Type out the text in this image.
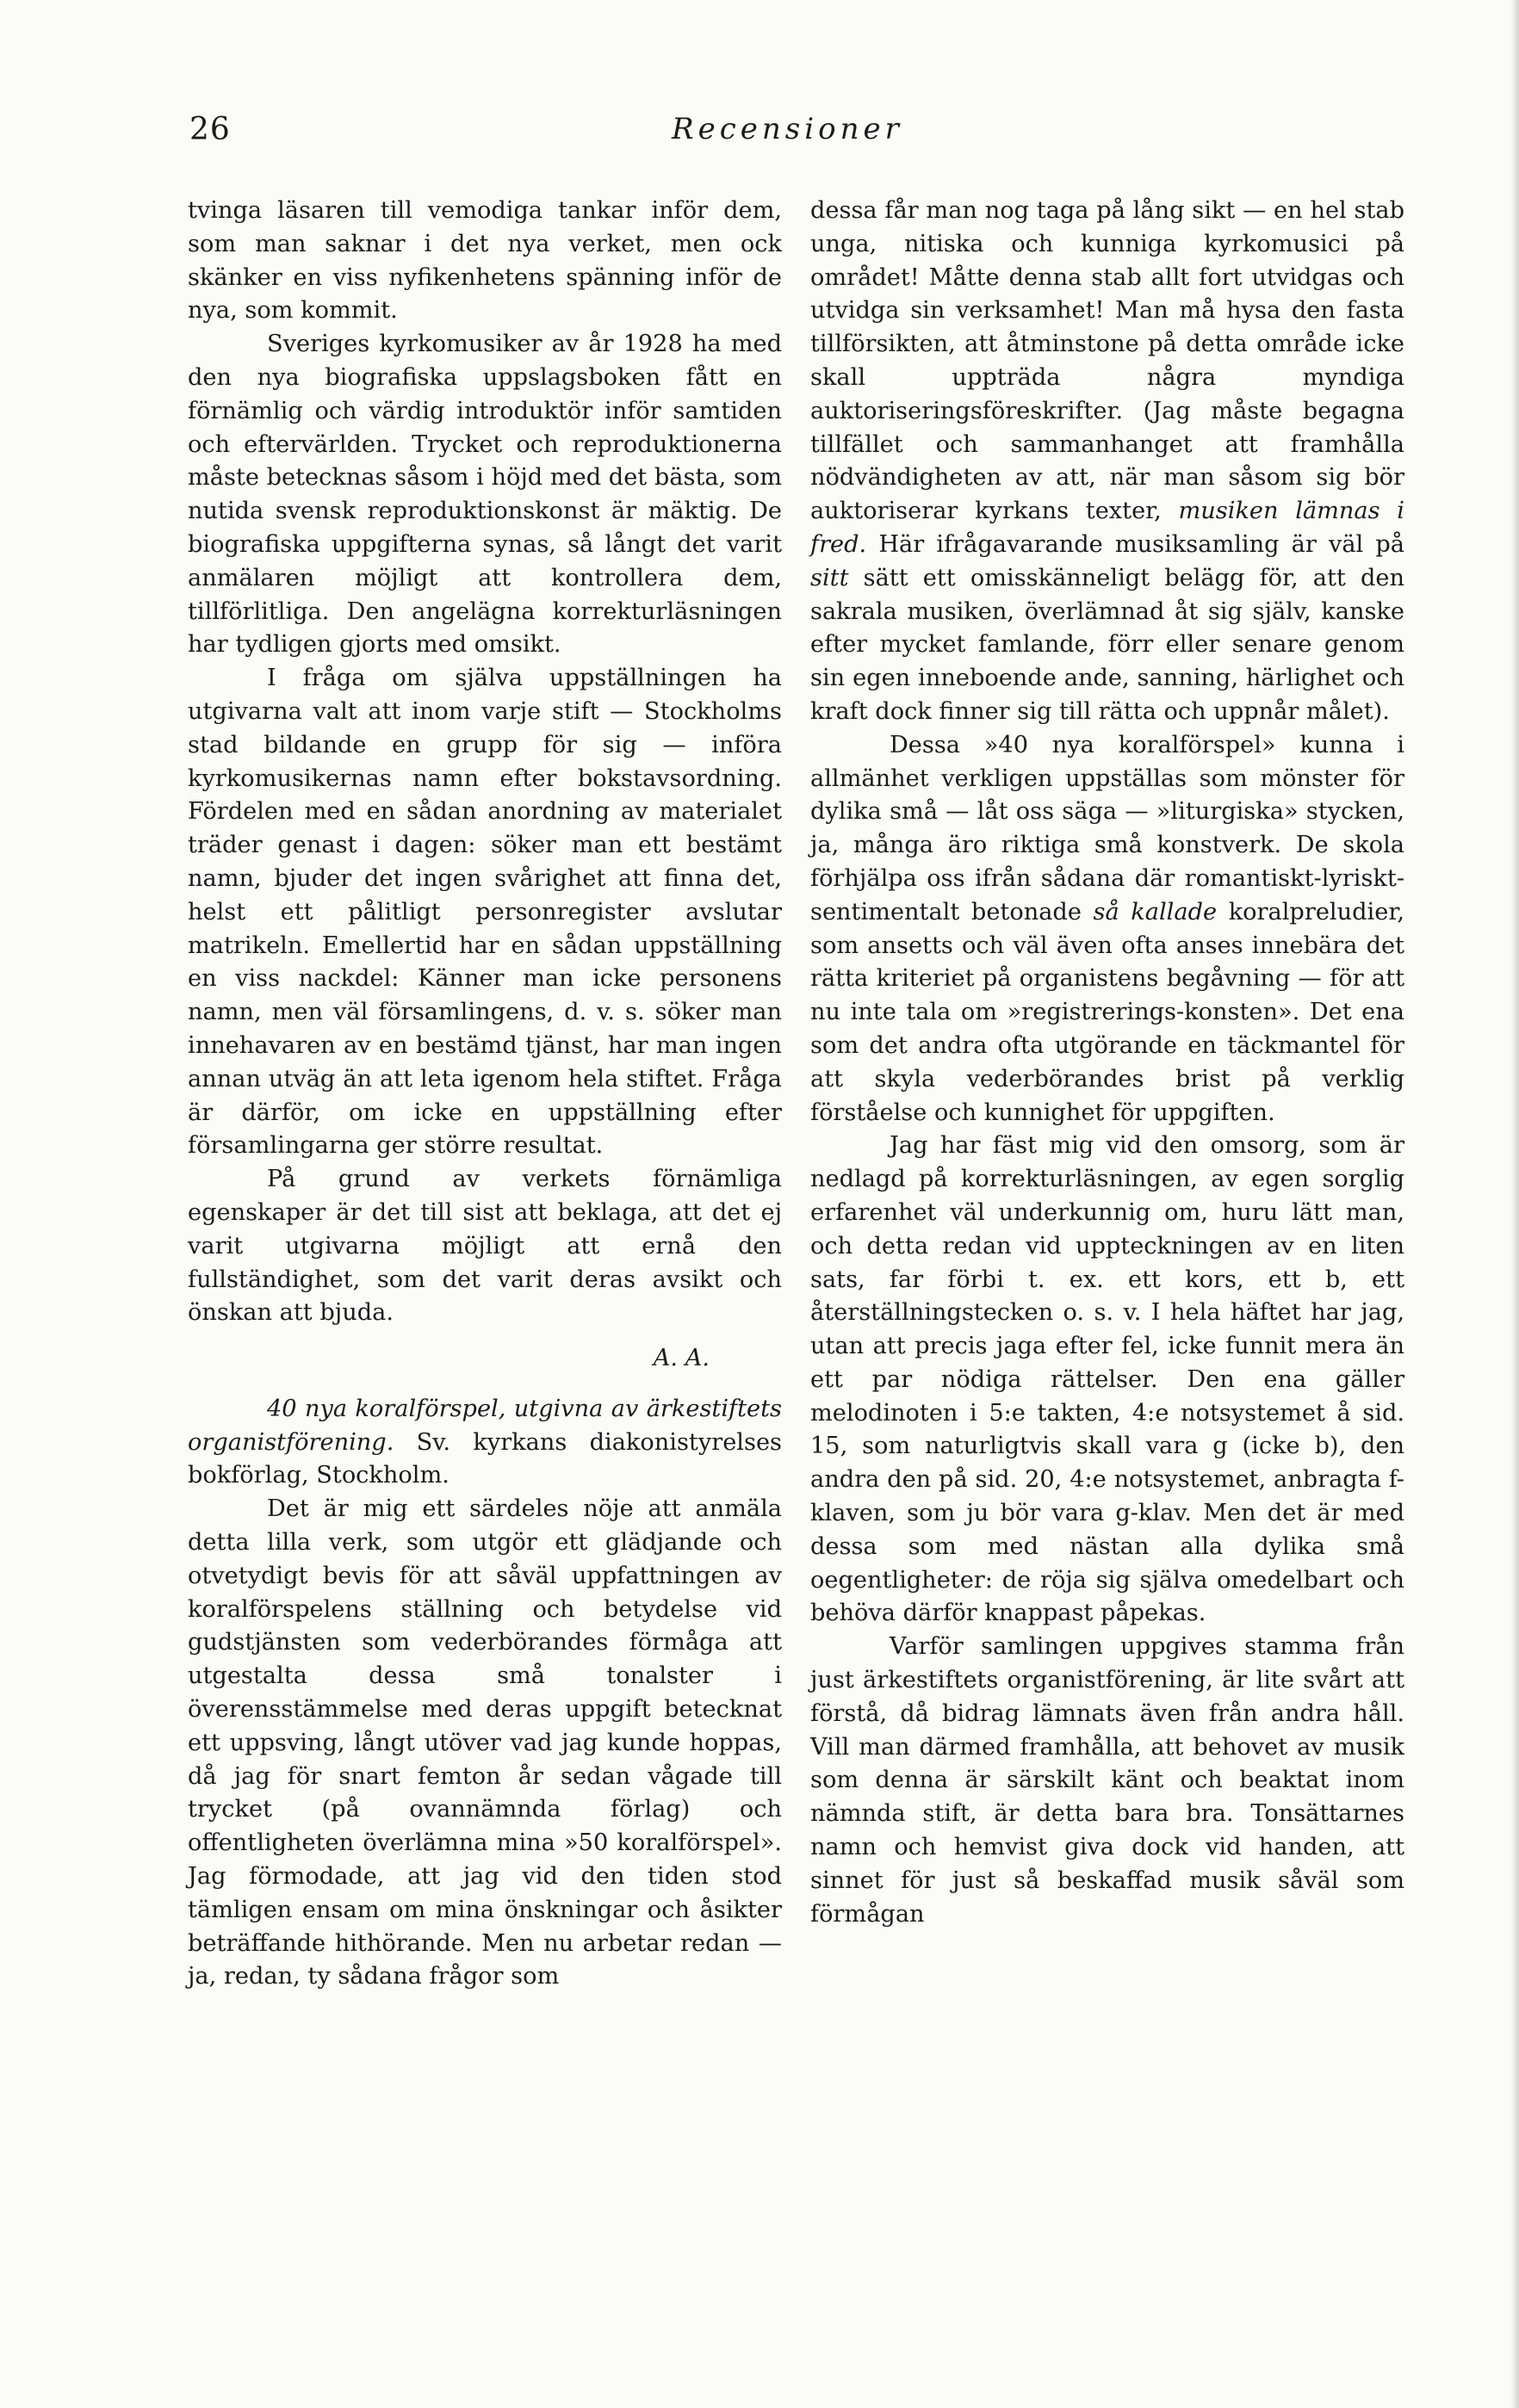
26	Recensioner

tvinga läsaren till vemodiga tankar inför dem, som man saknar i det nya verket, men ock skänker en viss nyfikenhetens spänning inför de nya, som kommit.

Sveriges kyrkomusiker av år 1928 ha med den nya biografiska uppslagsboken fått en förnämlig och värdig introduktör inför samtiden och eftervärlden. Trycket och reproduktionerna måste betecknas såsom i höjd med det bästa, som nutida svensk reproduktionskonst är mäktig. De biografiska uppgifterna synas, så långt det varit anmälaren möjligt att kontrollera dem, tillförlitliga. Den angelägna korrekturläsningen har tydligen gjorts med omsikt.

I fråga om själva uppställningen ha utgivarna valt att inom varje stift — Stockholms stad bildande en grupp för sig — införa kyrkomusikernas namn efter bokstavsordning. Fördelen med en sådan anordning av materialet träder genast i dagen: söker man ett bestämt namn, bjuder det ingen svårighet att finna det, helst ett pålitligt personregister avslutar matrikeln. Emellertid har en sådan uppställning en viss nackdel: Känner man icke personens namn, men väl församlingens, d. v. s. söker man innehavaren av en bestämd tjänst, har man ingen annan utväg än att leta igenom hela stiftet. Fråga är därför, om icke en uppställning efter församlingarna ger större resultat.

På grund av verkets förnämliga egenskaper är det till sist att beklaga, att det ej varit utgivarna möjligt att ernå den fullständighet, som det varit deras avsikt och önskan att bjuda.

A. A.

40 nya koralförspel, utgivna av ärkestiftets organistförening. Sv. kyrkans diakonistyrelses bokförlag, Stockholm.

Det är mig ett särdeles nöje att anmäla detta lilla verk, som utgör ett glädjande och otvetydigt bevis för att såväl uppfattningen av koralförspelens ställning och betydelse vid gudstjänsten som vederbörandes förmåga att utgestalta dessa små tonalster i överensstämmelse med deras uppgift betecknat ett uppsving, långt utöver vad jag kunde hoppas, då jag för snart femton år sedan vågade till trycket (på ovannämnda förlag) och offentligheten överlämna mina »50 koralförspel». Jag förmodade, att jag vid den tiden stod tämligen ensam om mina önskningar och åsikter beträffande hithörande. Men nu arbetar redan — ja, redan, ty sådana frågor som

dessa får man nog taga på lång sikt — en hel stab unga, nitiska och kunniga kyrkomusici på området! Måtte denna stab allt fort utvidgas och utvidga sin verksamhet! Man må hysa den fasta tillförsikten, att åtminstone på detta område icke skall uppträda några myndiga auktoriseringsföreskrifter. (Jag måste begagna tillfället och sammanhanget att framhålla nödvändigheten av att, när man såsom sig bör auktoriserar kyrkans texter, musiken lämnas i fred. Här ifrågavarande musiksamling är väl på sitt sätt ett omisskänneligt belägg för, att den sakrala musiken, överlämnad åt sig själv, kanske efter mycket famlande, förr eller senare genom sin egen inneboende ande, sanning, härlighet och kraft dock finner sig till rätta och uppnår målet).

Dessa »40 nya koralförspel» kunna i allmänhet verkligen uppställas som mönster för dylika små — låt oss säga — »liturgiska» stycken, ja, många äro riktiga små konstverk. De skola förhjälpa oss ifrån sådana där romantiskt-lyriskt-sentimentalt betonade så kallade koralpreludier, som ansetts och väl även ofta anses innebära det rätta kriteriet på organistens begåvning — för att nu inte tala om »registrerings-konsten». Det ena som det andra ofta utgörande en täckmantel för att skyla vederbörandes brist på verklig förståelse och kunnighet för uppgiften.

Jag har fäst mig vid den omsorg, som är nedlagd på korrekturläsningen, av egen sorglig erfarenhet väl underkunnig om, huru lätt man, och detta redan vid uppteckningen av en liten sats, far förbi t. ex. ett kors, ett b, ett återställningstecken o. s. v. I hela häftet har jag, utan att precis jaga efter fel, icke funnit mera än ett par nödiga rättelser. Den ena gäller melodinoten i 5:e takten, 4:e notsystemet å sid. 15, som naturligtvis skall vara g (icke b), den andra den på sid. 20, 4:e notsystemet, anbragta f-klaven, som ju bör vara g-klav. Men det är med dessa som med nästan alla dylika små oegentligheter: de röja sig själva omedelbart och behöva därför knappast påpekas.

Varför samlingen uppgives stamma från just ärkestiftets organistförening, är lite svårt att förstå, då bidrag lämnats även från andra håll. Vill man därmed framhålla, att behovet av musik som denna är särskilt känt och beaktat inom nämnda stift, är detta bara bra. Tonsättarnes namn och hemvist giva dock vid handen, att sinnet för just så beskaffad musik såväl som förmågan
